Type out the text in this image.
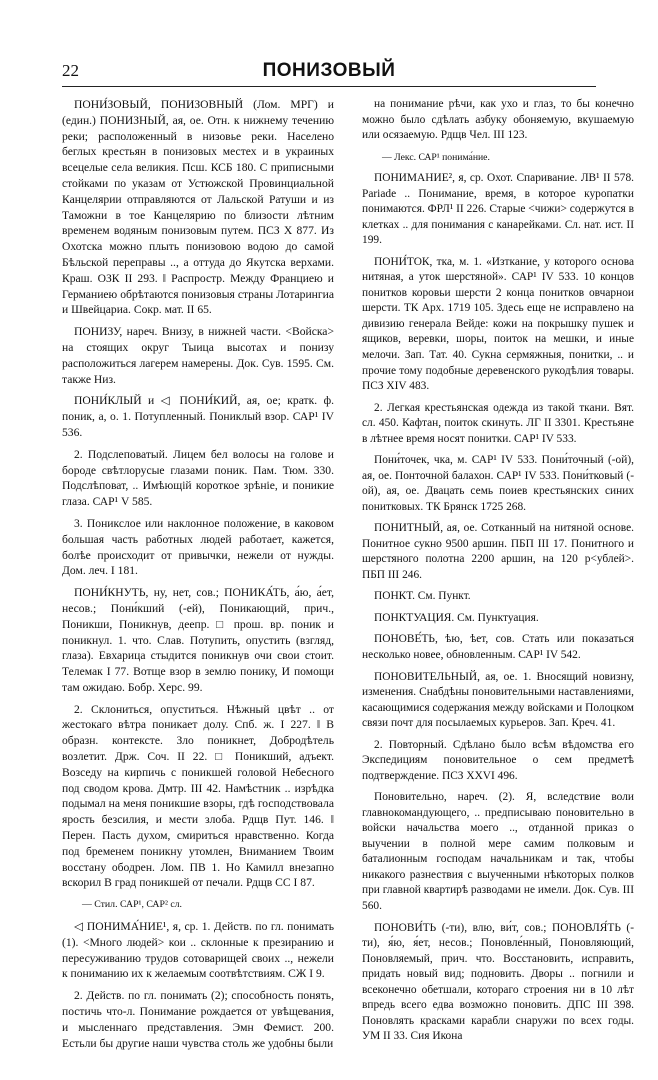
22	ПОНИЗОВЫЙ

ПОНИ́ЗОВЫЙ, ПОНИЗОВНЫЙ (Лом. МРГ) и (един.) ПОНИЗНЫЙ, ая, ое. Отн. к нижнему течению реки; расположенный в низовье реки. Населено беглых крестьян в понизовых местех и в украиных всецелые села великия. Псш. КСБ 180. С приписными стойками по указам от Устюжской Провинциальной Канцелярии отправляются от Лальской Ратуши и из Таможни в тое Канцелярию по близости лѣтним временем водяным понизовым путем. ПСЗ X 877. Из Охотска можно плыть понизовою водою до самой Бѣльской переправы .., а оттуда до Якутска верхами. Краш. ОЗК II 293. ‖ Распростр. Между Франциею и Германиею обрѣтаются понизовыя страны Лотарингиа и Швейцариа. Сокр. мат. II 65.

ПОНИЗУ, нареч. Внизу, в нижней части. <Войска> на стоящих округ Тыица высотах и понизу расположиться лагерем намерены. Док. Сув. 1595. См. также Низ.

ПОНИ́КЛЫЙ и ◁ ПОНИ́КИЙ, ая, ое; кратк. ф. поник, а, о. 1. Потупленный. Пониклый взор. САР¹ IV 536.

2. Подслеповатый. Лицем бел волосы на голове и бороде свѣтлорусые глазами поник. Пам. Тюм. 330. Подслѣповат, .. Имѣющій короткое зрѣніе, и поникие глаза. САР¹ V 585.

3. Поникслое или наклонное положение, в каковом большая часть работных людей работает, кажется, болѣе происходит от привычки, нежели от нужды. Дом. леч. I 181.

ПОНИ́КНУТЬ, ну, нет, сов.; ПОНИКА́ТЬ, а́ю, а́ет, несов.; Пони́кший (-ей), Поникающий, прич., Поникши, Поникнув, деепр. □ прош. вр. поник и поникнул. 1. что. Слав. Потупить, опустить (взгляд, глаза). Евхарица стыдится поникнув очи свои стоит. Телемак I 77. Вотще взор в землю понику, И помощи там ожидаю. Бобр. Херс. 99.

2. Склониться, опуститься. Нѣжный цвѣт .. от жестокаго вѣтра поникает долу. Спб. ж. I 227. ‖ В образн. контексте. Зло поникнет, Добродѣтель возлетит. Држ. Соч. II 22. □ Поникший, адъект. Возседу на кирпичь с поникшей головой Небесного под сводом крова. Дмтр. III 42. Намѣстник .. изрѣдка подымал на меня поникшие взоры, гдѣ господствовала ярость безсилия, и мести злоба. Рдщв Пут. 146. ‖ Перен. Пасть духом, смириться нравственно. Когда под бременем поникну утомлен, Вниманием Твоим восстану ободрен. Лом. ПВ 1. Но Камилл внезапно вскорил В град поникшей от печали. Рдщв СС I 87.

— Стил. САР¹, САР² сл.

◁ ПОНИМА́НИЕ¹, я, ср. 1. Действ. по гл. понимать (1). <Много людей> кои .. склонные к презиранию и пересуживанию трудов сотоварищей своих .., нежели к пониманию их к желаемым соотвѣтствиям. СЖ I 9.

2. Действ. по гл. понимать (2); способность понять, постичь что-л. Понимание рождается от увѣщевания, и мысленнаго представления. Эмн Фемист. 200. Естьли бы другие наши чувства столь же удобны были

на понимание рѣчи, как ухо и глаз, то бы конечно можно было сдѣлать азбуку обоняемую, вкушаемую или осязаемую. Рдщв Чел. III 123.

— Лекс. САР¹ понима́ние.

ПОНИМАНИЕ², я, ср. Охот. Спаривание. ЛВ¹ II 578. Pariade .. Понимание, время, в которое куропатки понимаются. ФРЛ¹ II 226. Старые <чижи> содержутся в клетках .. для понимания с канарейками. Сл. нат. ист. II 199.

ПОНИ́ТОК, тка, м. 1. «Изткание, у которого основа нитяная, а уток шерстяной». САР¹ IV 533. 10 концов понитков коровьи шерсти 2 конца понитков овчарнои шерсти. ТК Арх. 1719 105. Здесь еще не исправлено на дивизию генерала Вейде: кожи на покрышку пушек и ящиков, веревки, шоры, поиток на мешки, и иные мелочи. Зап. Тат. 40. Сукна сермяжныя, понитки, .. и прочие тому подобные деревенского рукодѣлия товары. ПСЗ XIV 483.

2. Легкая крестьянская одежда из такой ткани. Вят. сл. 450. Кафтан, поиток скинуть. ЛГ II 3301. Крестьяне в лѣтнее время носят понитки. САР¹ IV 533.

Пони́точек, чка, м. САР¹ IV 533. Пони́точный (-ой), ая, ое. Понточной балахон. САР¹ IV 533. Пони́тковый (-ой), ая, ое. Двацать семь поиев крестьянских синих понитковых. ТК Брянск 1725 268.

ПОНИТНЫЙ, ая, ое. Сотканный на нитяной основе. Понитное сукно 9500 аршин. ПБП III 17. Понитного и шерстяного полотна 2200 аршин, на 120 р<ублей>. ПБП III 246.

ПОНКТ. См. Пункт.

ПОНКТУАЦИЯ. См. Пунктуация.

ПОНОВЕ́ТЬ, ѣю, ѣет, сов. Стать или показаться несколько новее, обновленным. САР¹ IV 542.

ПОНОВИТЕЛЬНЫЙ, ая, ое. 1. Вносящий новизну, изменения. Снабдѣны поновительными наставлениями, касающимися содержания между войсками и Полоцком связи почт для посылаемых курьеров. Зап. Креч. 41.

2. Повторный. Сдѣлано было всѣм вѣдомства его Экспедициям поновительное о сем предметѣ подтверждение. ПСЗ XXVI 496.

Поновительно, нареч. (2). Я, вследствие воли главнокомандующего, .. предписываю поновительно в войски начальства моего .., отданной приказ о выучении в полной мере самим полковым и баталионным господам начальникам и так, чтобы никакого разнествия с выученными нѣкоторых полков при главной квартирѣ разводами не имели. Док. Сув. III 560.

ПОНОВИ́ТЬ (-ти), влю, ви́т, сов.; ПОНОВЛЯ́ТЬ (-ти), я́ю, я́ет, несов.; Поновле́нный, Поновляющий, Поновляемый, прич. что. Восстановить, исправить, придать новый вид; подновить. Дворы .. погнили и всеконечно обетшали, котораго строения ни в 10 лѣт впредь всего едва возможно поновить. ДПС III 398. Поновлять красками карабли снаружи по всех годы. УМ II 33. Сия Икона
